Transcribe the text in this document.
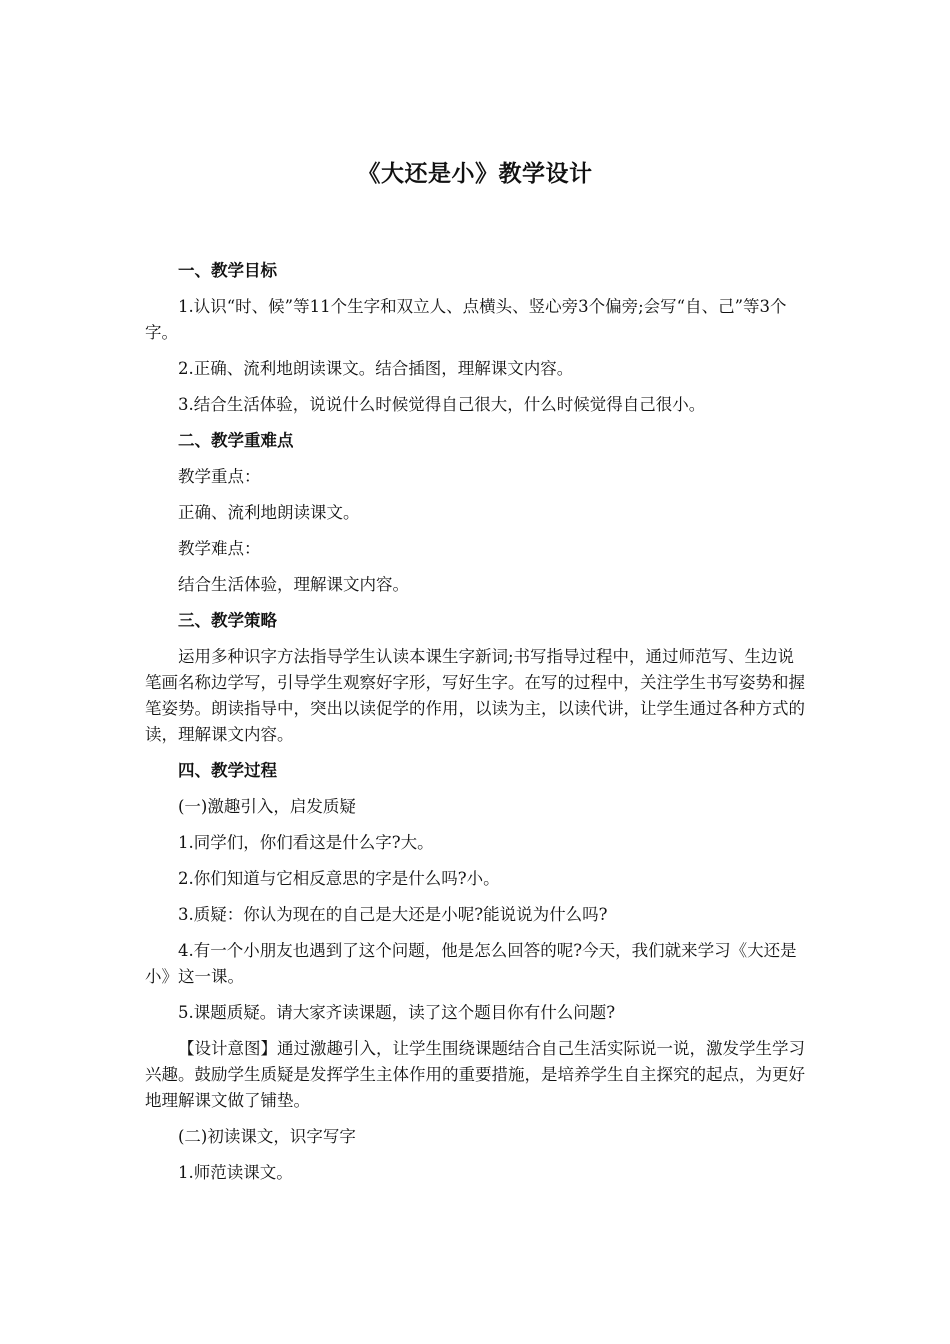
《大还是小》教学设计
一、教学目标

1.认识“时、候”等11个生字和双立人、点横头、竖心旁3个偏旁;会写“自、己”等3个字。

2.正确、流利地朗读课文。结合插图，理解课文内容。

3.结合生活体验，说说什么时候觉得自己很大，什么时候觉得自己很小。

二、教学重难点

教学重点：

正确、流利地朗读课文。

教学难点：

结合生活体验，理解课文内容。

三、教学策略

运用多种识字方法指导学生认读本课生字新词;书写指导过程中，通过师范写、生边说笔画名称边学写，引导学生观察好字形，写好生字。在写的过程中，关注学生书写姿势和握笔姿势。朗读指导中，突出以读促学的作用，以读为主，以读代讲，让学生通过各种方式的读，理解课文内容。

四、教学过程

(一)激趣引入，启发质疑

1.同学们，你们看这是什么字?大。

2.你们知道与它相反意思的字是什么吗?小。

3.质疑：你认为现在的自己是大还是小呢?能说说为什么吗?

4.有一个小朋友也遇到了这个问题，他是怎么回答的呢?今天，我们就来学习《大还是小》这一课。

5.课题质疑。请大家齐读课题，读了这个题目你有什么问题?

【设计意图】通过激趣引入，让学生围绕课题结合自己生活实际说一说，激发学生学习兴趣。鼓励学生质疑是发挥学生主体作用的重要措施，是培养学生自主探究的起点，为更好地理解课文做了铺垫。

(二)初读课文，识字写字

1.师范读课文。
